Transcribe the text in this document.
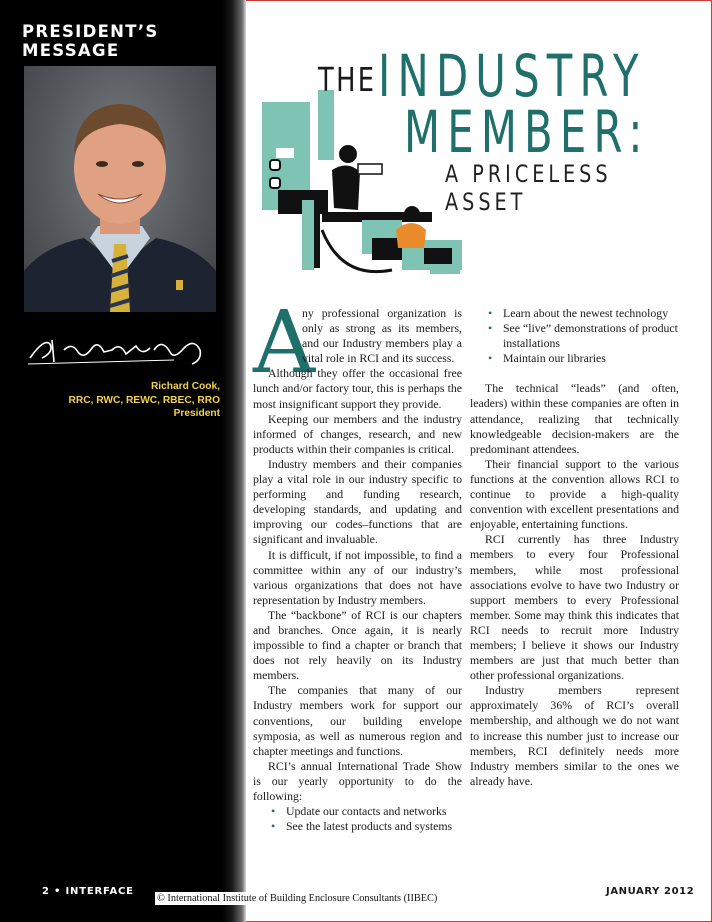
PRESIDENT’S MESSAGE
Richard Cook,
RRC, RWC, REWC, RBEC, RRO
President
THE INDUSTRY
MEMBER:
A PRICELESS ASSET
A

ny professional organization is only as strong as its members, and our Industry members play a vital role in RCI and its success.

Although they offer the occasional free lunch and/or factory tour, this is perhaps the most insignificant support they provide.

Keeping our members and the industry informed of changes, research, and new products within their companies is critical.

Industry members and their companies play a vital role in our industry specific to performing and funding research, developing standards, and updating and improving our codes–functions that are significant and invaluable.

It is difficult, if not impossible, to find a committee within any of our industry’s various organizations that does not have representation by Industry members.

The “backbone” of RCI is our chapters and branches. Once again, it is nearly impossible to find a chapter or branch that does not rely heavily on its Industry members.

The companies that many of our Industry members work for support our conventions, our building envelope symposia, as well as numerous region and chapter meetings and functions.

RCI’s annual International Trade Show is our yearly opportunity to do the following:

• Update our contacts and networks
• See the latest products and systems
• Learn about the newest technology
• See “live” demonstrations of product installations
• Maintain our libraries

The technical “leads” (and often, leaders) within these companies are often in attendance, realizing that technically knowledgeable decision-makers are the predominant attendees.

Their financial support to the various functions at the convention allows RCI to continue to provide a high-quality convention with excellent presentations and enjoyable, entertaining functions.

RCI currently has three Industry members to every four Professional members, while most professional associations evolve to have two Industry or support members to every Professional member. Some may think this indicates that RCI needs to recruit more Industry members; I believe it shows our Industry members are just that much better than other professional organizations.

Industry members represent approximately 36% of RCI’s overall membership, and although we do not want to increase this number just to increase our members, RCI definitely needs more Industry members similar to the ones we already have.

2 • INTERFACE
© International Institute of Building Enclosure Consultants (IIBEC)
JANUARY 2012
